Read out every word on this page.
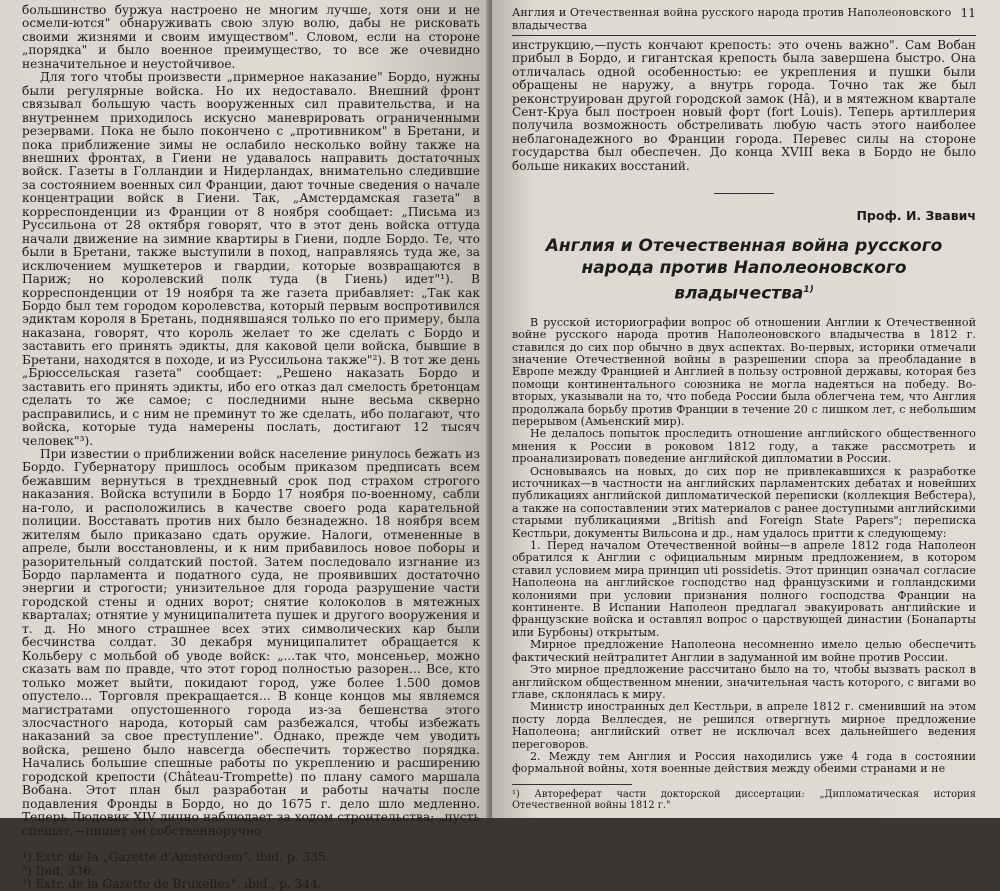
большинство буржуа настроено не многим лучше, хотя они и не осмели-ются" обнаруживать свою злую волю, дабы не рисковать своими жизнями и своим имуществом". Словом, если на стороне „порядка" и было военное преимущество, то все же очевидно незначительное и неустойчивое.

Для того чтобы произвести „примерное наказание" Бордо, нужны были регулярные войска. Но их недоставало. Внешний фронт связывал большую часть вооруженных сил правительства, и на внутреннем приходилось искусно маневрировать ограниченными резервами. Пока не было покончено с „противником" в Бретани, и пока приближение зимы не ослабило несколько войну также на внешних фронтах, в Гиени не удавалось направить достаточных войск. Газеты в Голландии и Нидерландах, внимательно следившие за состоянием военных сил Франции, дают точные сведения о начале концентрации войск в Гиени. Так, „Амстердамская газета" в корреспонденции из Франции от 8 ноября сообщает: „Письма из Руссильона от 28 октября говорят, что в этот день войска оттуда начали движение на зимние квартиры в Гиени, подле Бордо. Те, что были в Бретани, также выступили в поход, направляясь туда же, за исключением мушкетеров и гвардии, которые возвращаются в Париж; но королевский полк туда (в Гиень) идет"¹). В корреспонденции от 19 ноября та же газета прибавляет: „Так как Бордо был тем городом королевства, который первым воспротивился эдиктам короля в Бретань, поднявшаяся только по его примеру, была наказана, говорят, что король желает то же сделать с Бордо и заставить его принять эдикты, для каковой цели войска, бывшие в Бретани, находятся в походе, и из Руссильона также"²). В тот же день „Брюссельская газета" сообщает: „Решено наказать Бордо и заставить его принять эдикты, ибо его отказ дал смелость бретонцам сделать то же самое; с последними ныне весьма скверно расправились, и с ним не преминут то же сделать, ибо полагают, что войска, которые туда намерены послать, достигают 12 тысяч человек"³).

При известии о приближении войск население ринулось бежать из Бордо. Губернатору пришлось особым приказом предписать всем бежавшим вернуться в трехдневный срок под страхом строгого наказания. Войска вступили в Бордо 17 ноября по-военному, сабли на-голо, и расположились в качестве своего рода карательной полиции. Восставать против них было безнадежно. 18 ноября всем жителям было приказано сдать оружие. Налоги, отмененные в апреле, были восстановлены, и к ним прибавилось новое поборы и разорительный солдатский постой. Затем последовало изгнание из Бордо парламента и податного суда, не проявивших достаточно энергии и строгости; унизительное для города разрушение части городской стены и одних ворот; снятие колоколов в мятежных кварталах; отнятие у муниципалитета пушек и другого вооружения и т. д. Но много страшнее всех этих символических кар были бесчинства солдат. 30 декабря муниципалитет обращается к Кольберу с мольбой об уводе войск: „...так что, монсеньер, можно сказать вам по правде, что этот город полностью разорен... Все, кто только может выйти, покидают город, уже более 1.500 домов опустело... Торговля прекращается... В конце концов мы являемся магистратами опустошенного города из-за бешенства этого злосчастного народа, который сам разбежался, чтобы избежать наказаний за свое преступление". Однако, прежде чем уводить войска, решено было навсегда обеспечить торжество порядка. Начались большие спешные работы по укреплению и расширению городской крепости (Château-Trompette) по плану самого маршала Вобана. Этот план был разработан и работы начаты после подавления Фронды в Бордо, но до 1675 г. дело шло медленно. Теперь Людовик XIV лично наблюдает за ходом строительства; „пусть спешат,—пишет он собственноручно

¹) Extr. de la „Gazette d'Amsterdam", ibid, p. 335.

²) Ibid, 336.

³) Extr. de la Gazette de Bruxelles", ibid., p. 344.

Англия и Отечественная война русского народа против Наполеоновского владычества
11

инструкцию,—пусть кончают крепость: это очень важно". Сам Вобан прибыл в Бордо, и гигантская крепость была завершена быстро. Она отличалась одной особенностью: ее укрепления и пушки были обращены не наружу, а внутрь города. Точно так же был реконструирован другой городской замок (Hâ), и в мятежном квартале Сент-Круа был построен новый форт (fort Louis). Теперь артиллерия получила возможность обстреливать любую часть этого наиболее неблагонадежного во Франции города. Перевес силы на стороне государства был обеспечен. До конца XVIII века в Бордо не было больше никаких восстаний.

Проф. И. Звавич
Англия и Отечественная война русского народа против Наполеоновского владычества$^{1)}$

В русской историографии вопрос об отношении Англии к Отечественной войне русского народа против Наполеоновского владычества в 1812 г. ставился до сих пор обычно в двух аспектах. Во-первых, историки отмечали значение Отечественной войны в разрешении спора за преобладание в Европе между Францией и Англией в пользу островной державы, которая без помощи континентального союзника не могла надеяться на победу. Во-вторых, указывали на то, что победа России была облегчена тем, что Англия продолжала борьбу против Франции в течение 20 с лишком лет, с небольшим перерывом (Амьенский мир).

Не делалось попыток проследить отношение английского общественного мнения к России в роковом 1812 году, а также рассмотреть и проанализировать поведение английской дипломатии в России.

Основываясь на новых, до сих пор не привлекавшихся к разработке источниках—в частности на английских парламентских дебатах и новейших публикациях английской дипломатической переписки (коллекция Вебстера), а также на сопоставлении этих материалов с ранее доступными английскими старыми публикациями „British and Foreign State Papers"; переписка Кестльри, документы Вильсона и др., нам удалось притти к следующему:

1. Перед началом Отечественной войны—в апреле 1812 года Наполеон обратился к Англии с официальным мирным предложением, в котором ставил условием мира принцип uti possidetis. Этот принцип означал согласие Наполеона на английское господство над французскими и голландскими колониями при условии признания полного господства Франции на континенте. В Испании Наполеон предлагал эвакуировать английские и французские войска и оставлял вопрос о царствующей династии (Бонапарты или Бурбоны) открытым.

Мирное предложение Наполеона несомненно имело целью обеспечить фактический нейтралитет Англии в задуманной им войне против России.

Это мирное предложение рассчитано было на то, чтобы вызвать раскол в английском общественном мнении, значительная часть которого, с вигами во главе, склонялась к миру.

Министр иностранных дел Кестльри, в апреле 1812 г. сменивший на этом посту лорда Веллесдея, не решился отвергнуть мирное предложение Наполеона; английский ответ не исключал всех дальнейшего ведения переговоров.

2. Между тем Англия и Россия находились уже 4 года в состоянии формальной войны, хотя военные действия между обеими странами и не

¹) Автореферат части докторской диссертации: „Дипломатическая история Отечественной войны 1812 г."
